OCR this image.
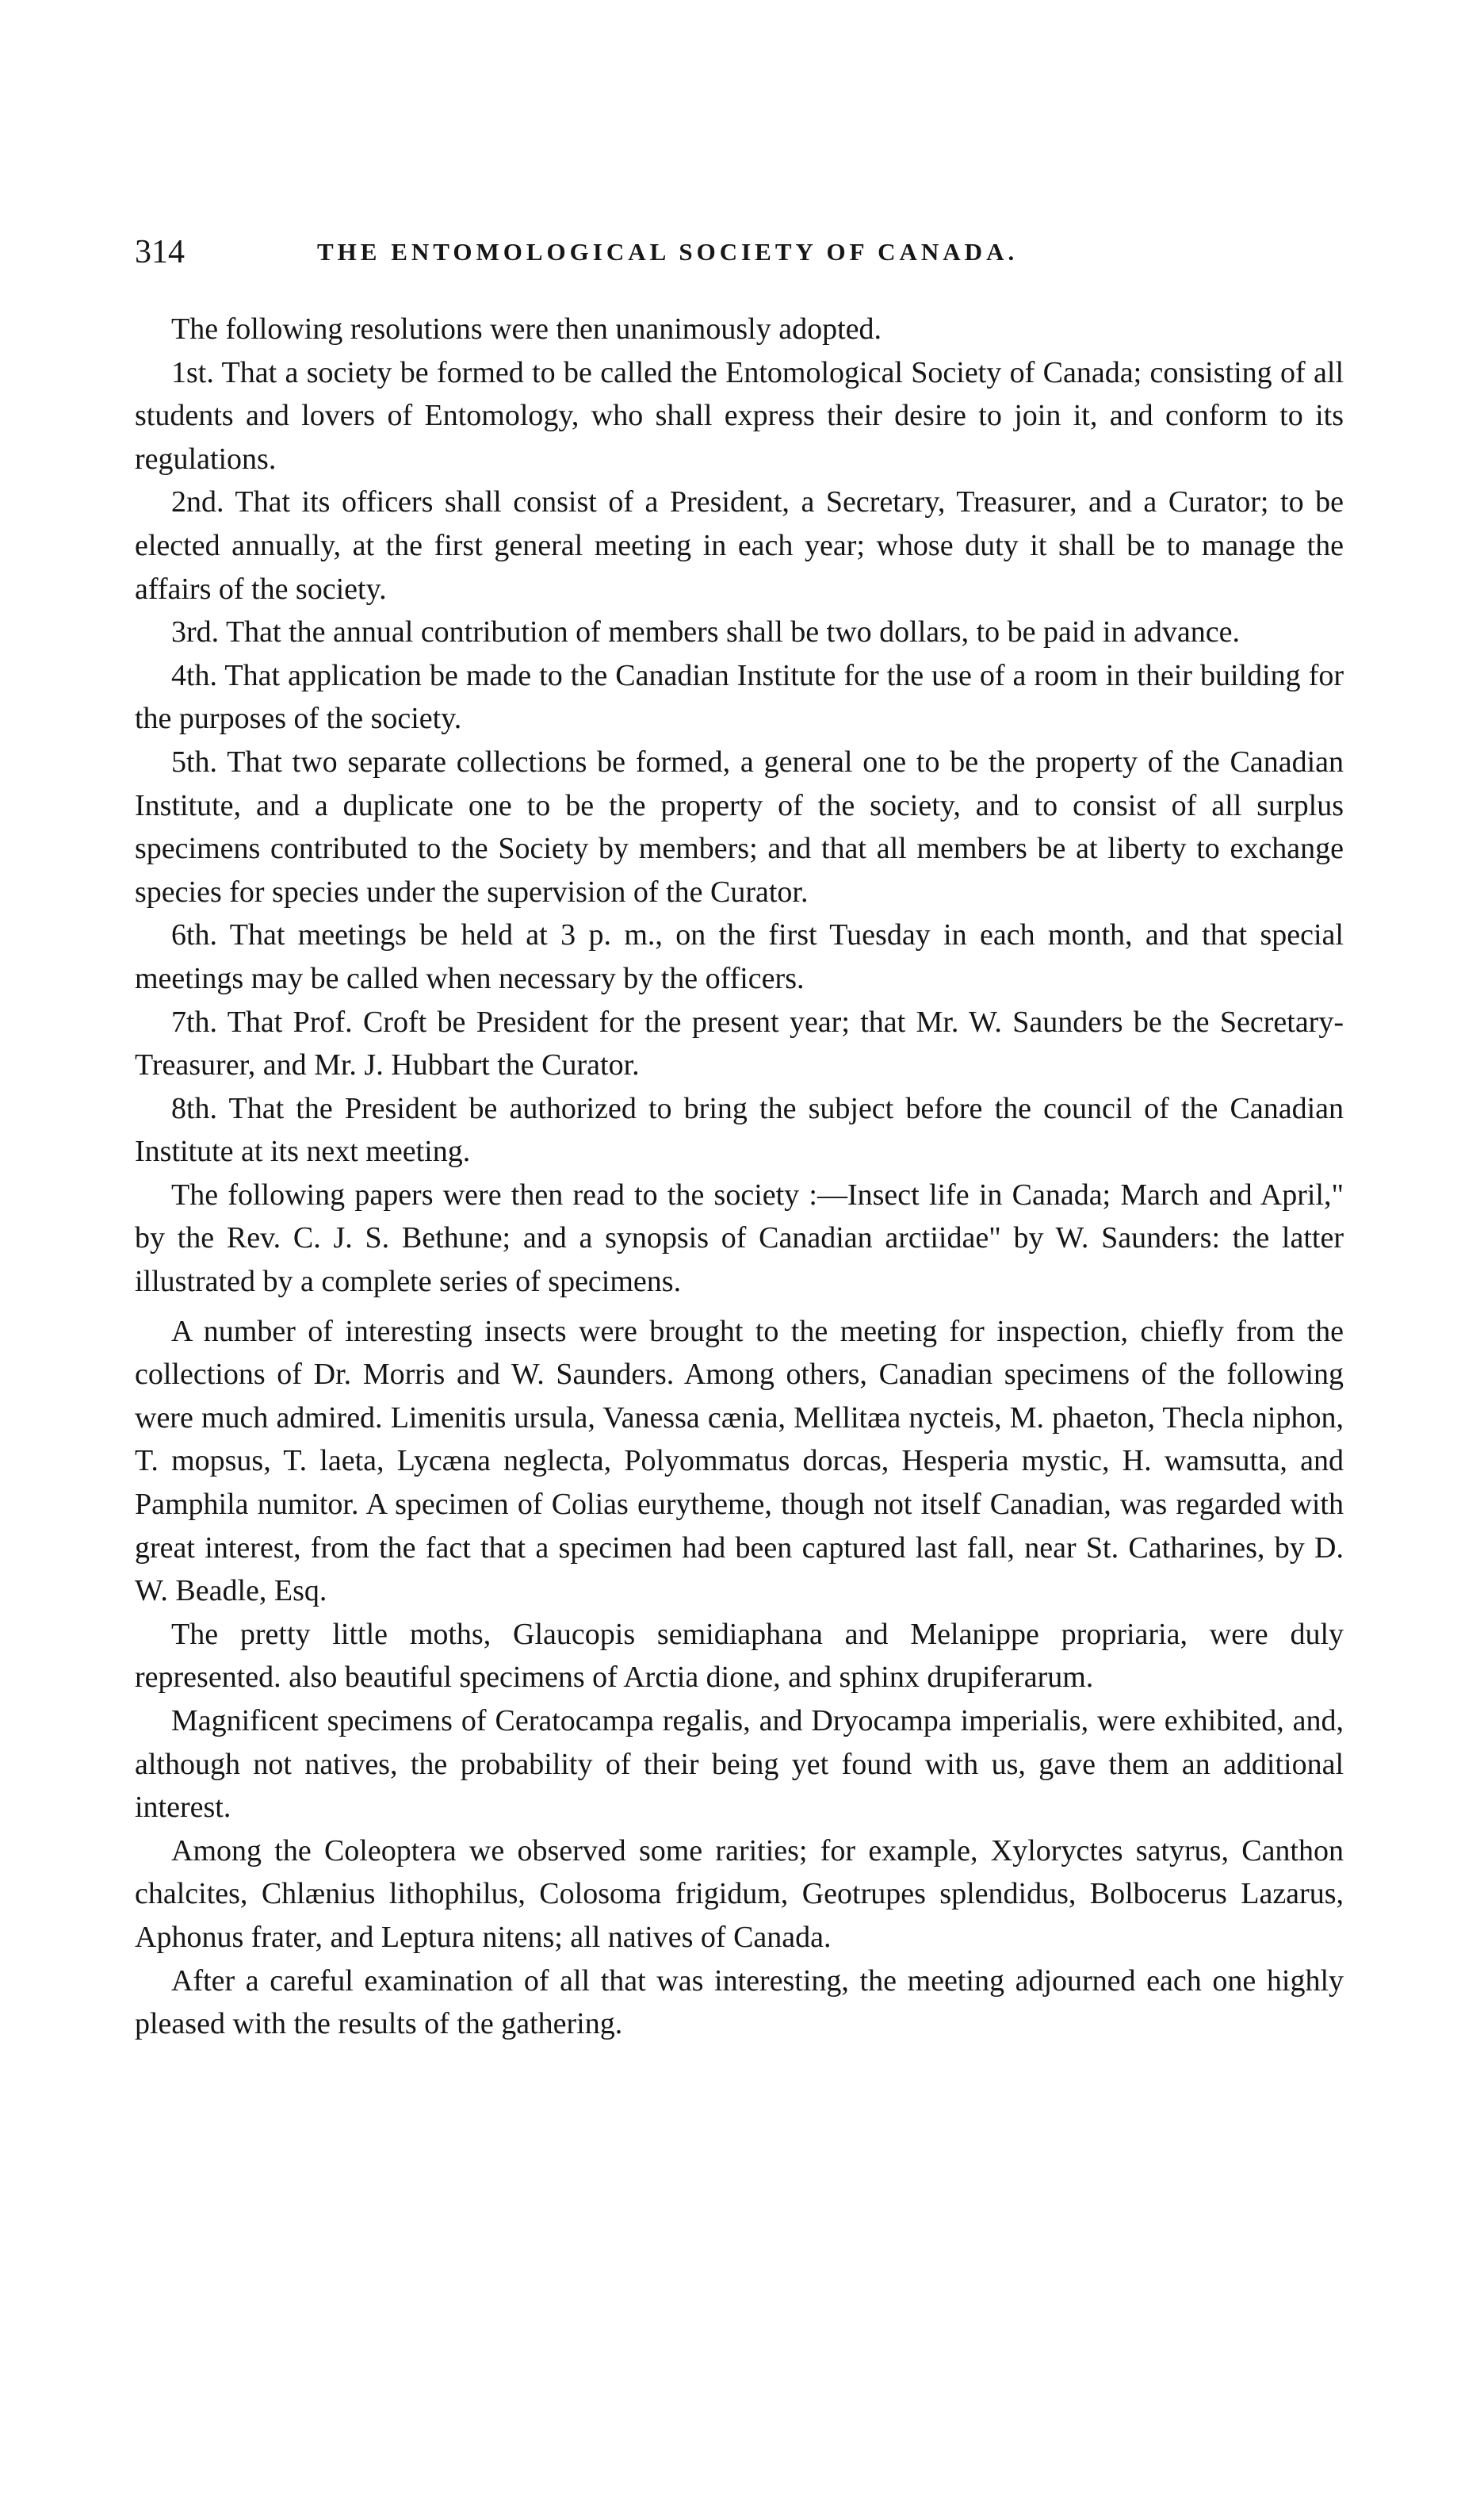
314	THE ENTOMOLOGICAL SOCIETY OF CANADA.

The following resolutions were then unanimously adopted.

1st. That a society be formed to be called the Entomological Society of Canada; consisting of all students and lovers of Entomology, who shall express their desire to join it, and conform to its regulations.

2nd. That its officers shall consist of a President, a Secretary, Treasurer, and a Curator; to be elected annually, at the first general meeting in each year; whose duty it shall be to manage the affairs of the society.

3rd. That the annual contribution of members shall be two dollars, to be paid in advance.

4th. That application be made to the Canadian Institute for the use of a room in their building for the purposes of the society.

5th. That two separate collections be formed, a general one to be the property of the Canadian Institute, and a duplicate one to be the property of the society, and to consist of all surplus specimens contributed to the Society by members; and that all members be at liberty to exchange species for species under the supervision of the Curator.

6th. That meetings be held at 3 p. m., on the first Tuesday in each month, and that special meetings may be called when necessary by the officers.

7th. That Prof. Croft be President for the present year; that Mr. W. Saunders be the Secretary-Treasurer, and Mr. J. Hubbart the Curator.

8th. That the President be authorized to bring the subject before the council of the Canadian Institute at its next meeting.

The following papers were then read to the society :—Insect life in Canada; March and April," by the Rev. C. J. S. Bethune; and a synopsis of Canadian arctiidae" by W. Saunders: the latter illustrated by a complete series of specimens.

A number of interesting insects were brought to the meeting for inspection, chiefly from the collections of Dr. Morris and W. Saunders. Among others, Canadian specimens of the following were much admired. Limenitis ursula, Vanessa cænia, Mellitæa nycteis, M. phaeton, Thecla niphon, T. mopsus, T. laeta, Lycæna neglecta, Polyommatus dorcas, Hesperia mystic, H. wamsutta, and Pamphila numitor. A specimen of Colias eurytheme, though not itself Canadian, was regarded with great interest, from the fact that a specimen had been captured last fall, near St. Catharines, by D. W. Beadle, Esq.

The pretty little moths, Glaucopis semidiaphana and Melanippe propriaria, were duly represented. also beautiful specimens of Arctia dione, and sphinx drupiferarum.

Magnificent specimens of Ceratocampa regalis, and Dryocampa imperialis, were exhibited, and, although not natives, the probability of their being yet found with us, gave them an additional interest.

Among the Coleoptera we observed some rarities; for example, Xyloryctes satyrus, Canthon chalcites, Chlænius lithophilus, Colosoma frigidum, Geotrupes splendidus, Bolbocerus Lazarus, Aphonus frater, and Leptura nitens; all natives of Canada.

After a careful examination of all that was interesting, the meeting adjourned each one highly pleased with the results of the gathering.
